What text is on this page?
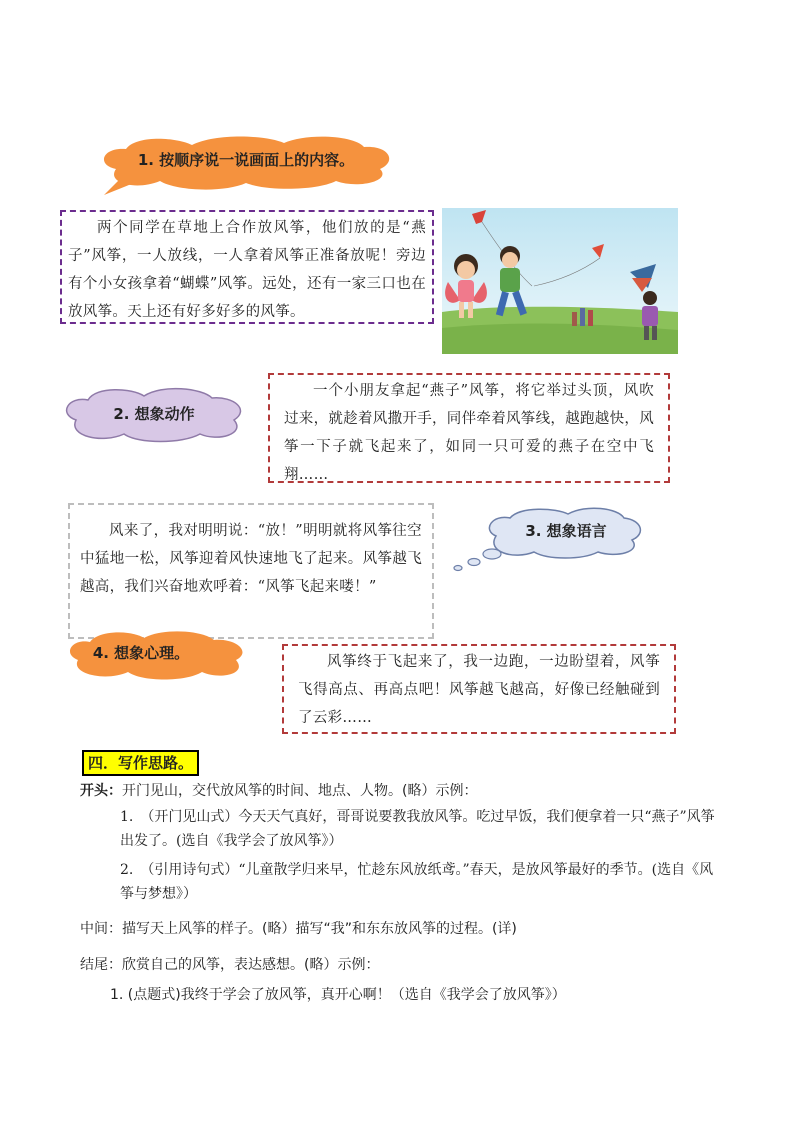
1. 按顺序说一说画面上的内容。

两个同学在草地上合作放风筝，他们放的是“燕子”风筝，一人放线，一人拿着风筝正准备放呢！旁边有个小女孩拿着“蝴蝶”风筝。远处，还有一家三口也在放风筝。天上还有好多好多的风筝。

2. 想象动作

一个小朋友拿起“燕子”风筝，将它举过头顶，风吹过来，就趁着风撒开手，同伴牵着风筝线，越跑越快，风筝一下子就飞起来了，如同一只可爱的燕子在空中飞翔……

风来了，我对明明说：“放！”明明就将风筝往空中猛地一松，风筝迎着风快速地飞了起来。风筝越飞越高，我们兴奋地欢呼着：“风筝飞起来喽！”

3. 想象语言
4. 想象心理。	风筝终于飞起来了，我一边跑，一边盼望着，风筝飞得高点、再高点吧！风筝越飞越高，好像已经触碰到了云彩……

四．写作思路。
开头：开门见山，交代放风筝的时间、地点、人物。(略）示例：
1.　（开门见山式）今天天气真好，哥哥说要教我放风筝。吃过早饭，我们便拿着一只“燕子”风筝出发了。(选自《我学会了放风筝》）
2.　（引用诗句式）“儿童散学归来早，忙趁东风放纸鸢。”春天，是放风筝最好的季节。(选自《风筝与梦想》）
中间：描写天上风筝的样子。(略）描写“我”和东东放风筝的过程。(详)
结尾：欣赏自己的风筝，表达感想。(略）示例：
1. (点题式)我终于学会了放风筝，真开心啊！（选自《我学会了放风筝》）
